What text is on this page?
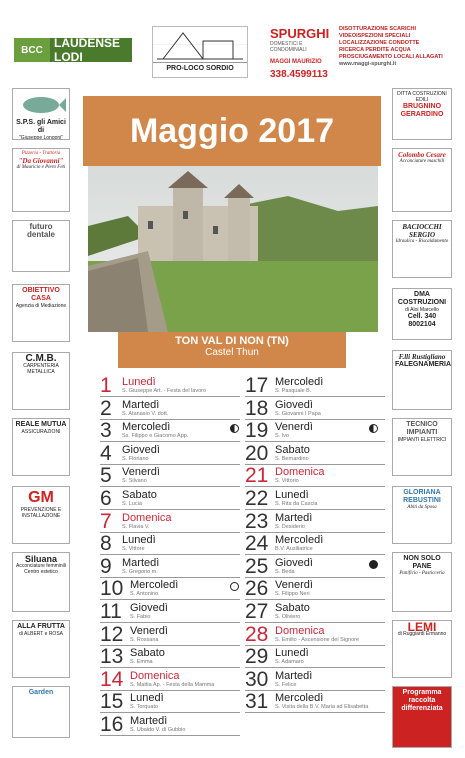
BCC LAUDENSE LODI
PRO-LOCO SORDIO
SPURGHI
DOMESTICI E CONDOMINIALI
MAGGI MAURIZIO
338.4599113
DISOTTURAZIONE SCARICHI
VIDEOISPEZIONI SPECIALI
LOCALIZZAZIONE CONDOTTE
RICERCA PERDITE ACQUA
PROSCIUGAMENTO LOCALI ALLAGATI
www.maggi-spurghi.it
S.P.S. gli Amici di
"Giuseppe Longoni"
Pizzeria - Trattoria
"Da Giovanni"
di Mauricio e Piero Feti
futuro dentale
OBIETTIVO CASA
Agenzia di Mediazione
C.M.B.
CARPENTERIA METALLICA
REALE MUTUA
ASSICURAZIONI
GM
PREVENZIONE E INSTALLAZIONE
Siluana
Acconciature femminili
Centro estetico
ALLA FRUTTA
di ALBERT e ROSA
Garden
DITTA COSTRUZIONI EDILI
BRUGNINO GERARDINO
Colombo Cesare
Acconciature maschili
BACIOCCHI SERGIO
Idraulica - Riscaldamento
DMA COSTRUZIONI
di Aloi Marcello
Cell. 340 8002104
F.lli Rustigliano
FALEGNAMERIA
TECNICO IMPIANTI
IMPIANTI ELETTRICI
GLORIANA REBUSTINI
Abiti da Sposa
NON SOLO PANE
Panificio - Pasticceria
LEMI
di Ruggiardi Ermanno
Programma raccolta differenziata
Maggio 2017
TON VAL DI NON (TN)
Castel Thun
1 Lunedì
S. Giuseppe Art. - Festa del lavoro
2 Martedì
S. Atanasio V. dott.
3 Mercoledì
Ss. Filippo e Giacomo App.
4 Giovedì
S. Floriano
5 Venerdì
S. Silvano
6 Sabato
S. Lucia
7 Domenica
S. Flavia V.
8 Lunedì
S. Vittore
9 Martedì
S. Gregorio m.
10 Mercoledì
S. Antonino
11 Giovedì
S. Fabio
12 Venerdì
S. Rossana
13 Sabato
S. Emma
14 Domenica
S. Mattia Ap. - Festa della Mamma
15 Lunedì
S. Torquato
16 Martedì
S. Ubaldo V. di Gubbio
17 Mercoledì
S. Pasquale B.
18 Giovedì
S. Giovanni I Papa
19 Venerdì
S. Ivo
20 Sabato
S. Bernardino
21 Domenica
S. Vittorio
22 Lunedì
S. Rita da Cascia
23 Martedì
S. Desiderio
24 Mercoledì
B.V. Ausiliatrice
25 Giovedì
S. Beda
26 Venerdì
S. Filippo Neri
27 Sabato
S. Oliviero
28 Domenica
S. Emilio - Ascensione del Signore
29 Lunedì
S. Adamaro
30 Martedì
S. Felice
31 Mercoledì
S. Visita della B.V. Maria ad Elisabetta
